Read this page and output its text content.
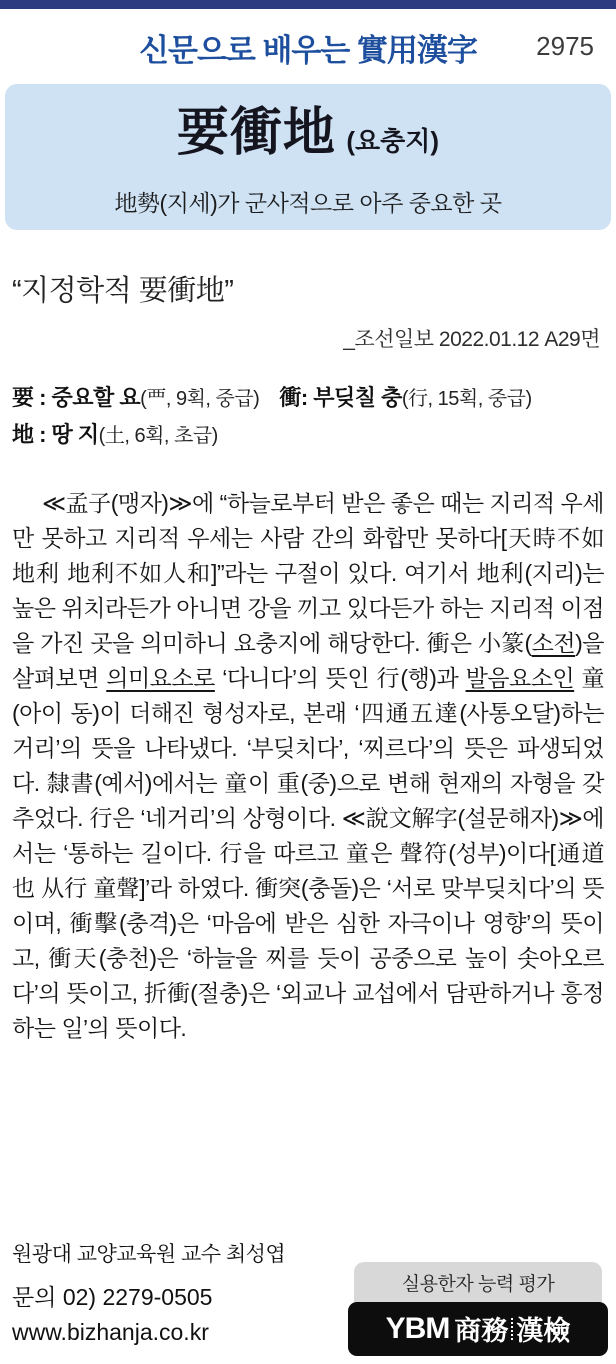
신문으로 배우는 實用漢字	2975
要衝地 (요충지)
地勢(지세)가 군사적으로 아주 중요한 곳
“지정학적 要衝地”
_조선일보 2022.01.12 A29면
要 : 중요할 요(覀, 9획, 중급) 衝: 부딪칠 충(行, 15획, 중급)
地 : 땅 지(土, 6획, 초급)
≪孟子(맹자)≫에 “하늘로부터 받은 좋은 때는 지리적 우세만 못하고 지리적 우세는 사람 간의 화합만 못하다[天時不如地利 地利不如人和]”라는 구절이 있다. 여기서 地利(지리)는 높은 위치라든가 아니면 강을 끼고 있다든가 하는 지리적 이점을 가진 곳을 의미하니 요충지에 해당한다. 衝은 小篆(소전)을 살펴보면 의미요소로 ‘다니다’의 뜻인 行(행)과 발음요소인 童(아이 동)이 더해진 형성자로, 본래 ‘四通五達(사통오달)하는 거리’의 뜻을 나타냈다. ‘부딪치다’, ‘찌르다’의 뜻은 파생되었다. 隸書(예서)에서는 童이 重(중)으로 변해 현재의 자형을 갖추었다. 行은 ‘네거리’의 상형이다. ≪說文解字(설문해자)≫에서는 ‘통하는 길이다. 行을 따르고 童은 聲符(성부)이다[通道也 从行 童聲]’라 하였다. 衝突(충돌)은 ‘서로 맞부딪치다’의 뜻이며, 衝擊(충격)은 ‘마음에 받은 심한 자극이나 영향’의 뜻이고, 衝天(충천)은 ‘하늘을 찌를 듯이 공중으로 높이 솟아오르다’의 뜻이고, 折衝(절충)은 ‘외교나 교섭에서 담판하거나 흥정하는 일’의 뜻이다.
원광대 교양교육원 교수 최성엽
문의 02) 2279-0505
www.bizhanja.co.kr
실용한자 능력 평가
YBM 商務 漢檢
